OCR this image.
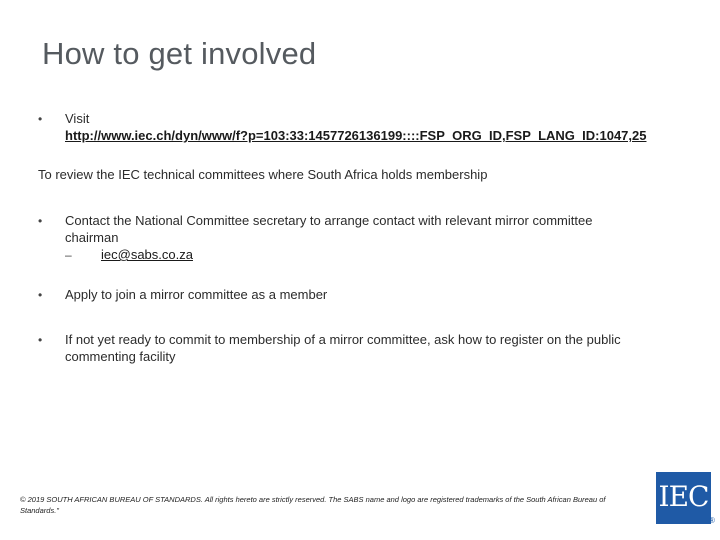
How to get involved
• Visit
http://www.iec.ch/dyn/www/f?p=103:33:1457726136199::::FSP_ORG_ID,FSP_LANG_ID:1047,25
To review the IEC technical committees where South Africa holds membership
• Contact the National Committee secretary to arrange contact with relevant mirror committee chairman
– iec@sabs.co.za
• Apply to join a mirror committee as a member
• If not yet ready to commit to membership of a mirror committee, ask how to register on the public commenting facility
© 2019 SOUTH AFRICAN BUREAU OF STANDARDS. All rights hereto are strictly reserved. The SABS name and logo are registered trademarks of the South African Bureau of Standards."	IEC
®
